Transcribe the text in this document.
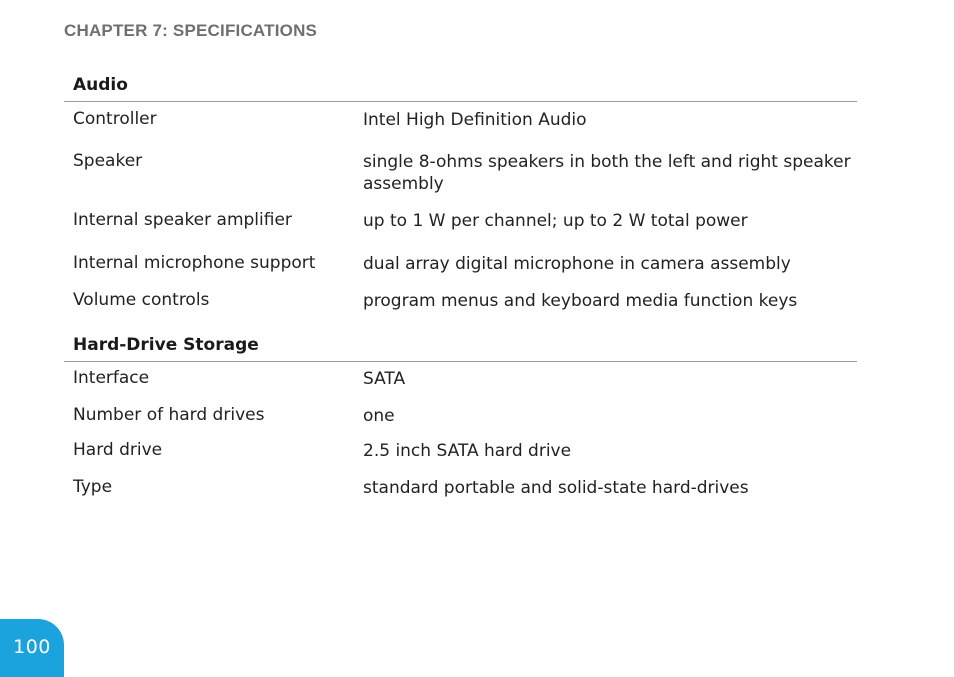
CHAPTER 7: SPECIFICATIONS
Audio
Controller	Intel High Definition Audio
Speaker	single 8-ohms speakers in both the left and right speaker assembly
Internal speaker amplifier	up to 1 W per channel; up to 2 W total power
Internal microphone support	dual array digital microphone in camera assembly
Volume controls	program menus and keyboard media function keys
Hard-Drive Storage
Interface	SATA
Number of hard drives	one
Hard drive	2.5 inch SATA hard drive
Type	standard portable and solid-state hard-drives
100
